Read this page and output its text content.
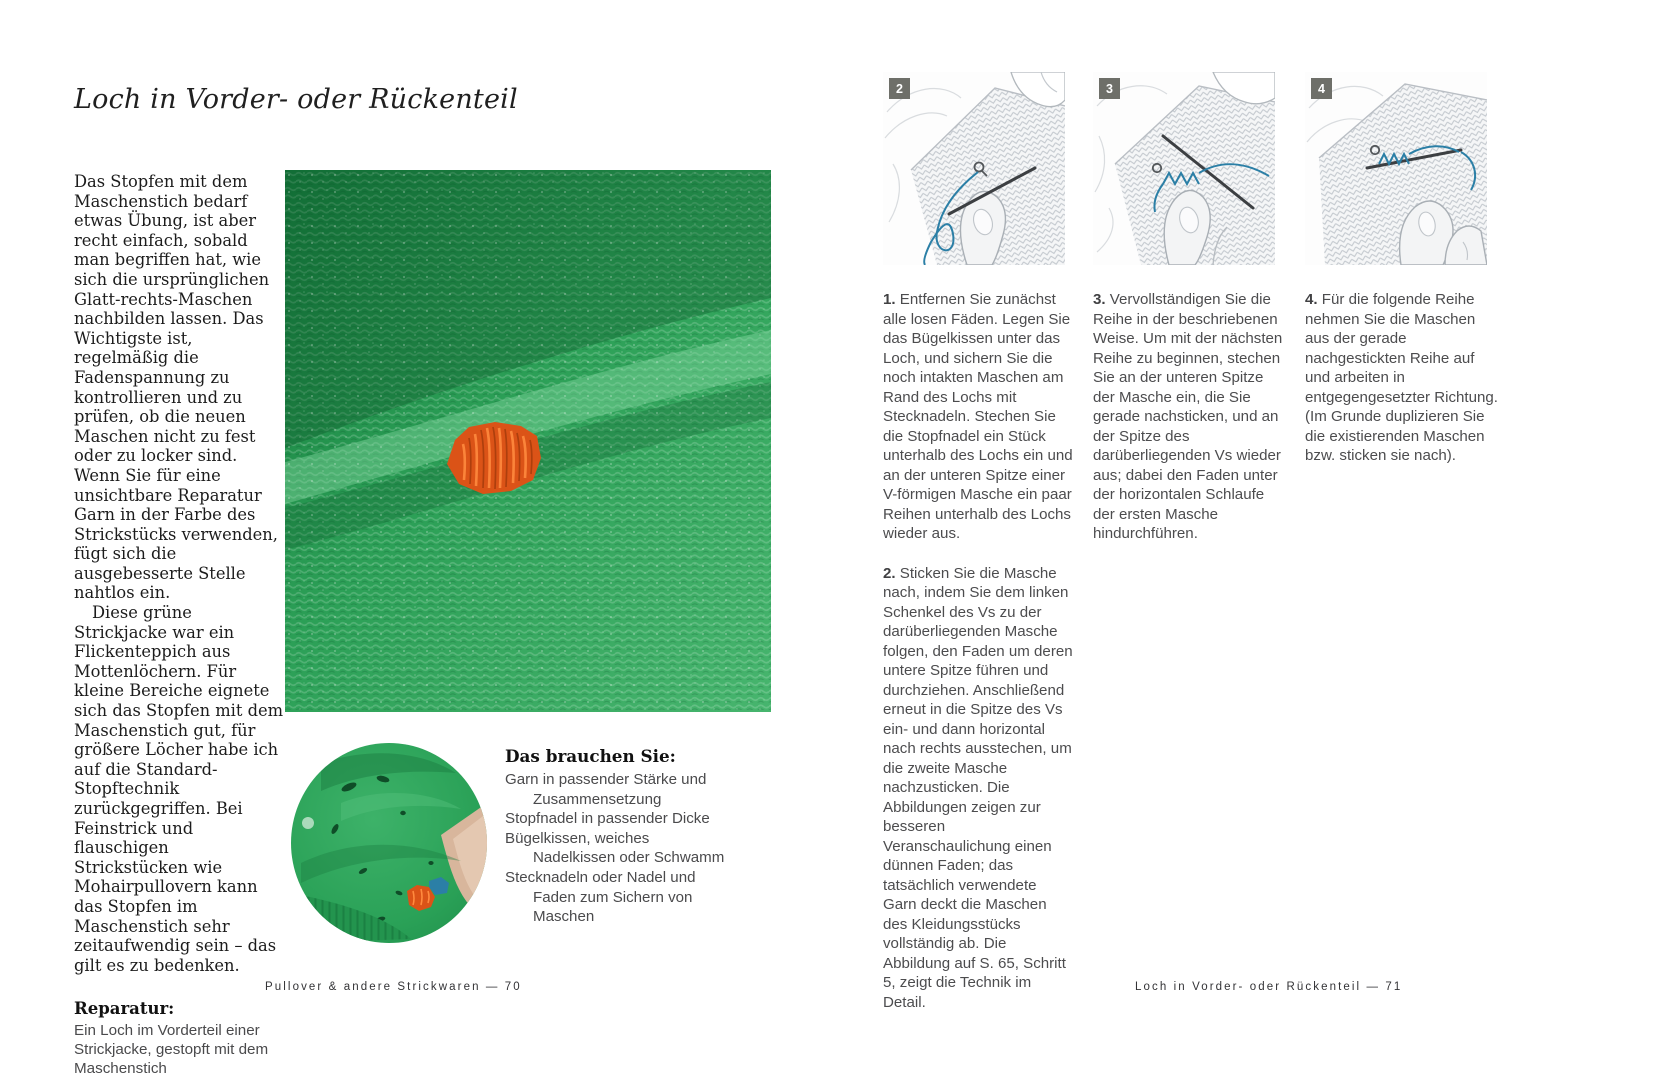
Loch in Vorder- oder Rückenteil

Das Stopfen mit dem Maschenstich bedarf etwas Übung, ist aber recht einfach, sobald man begriffen hat, wie sich die ursprünglichen Glatt-rechts-Maschen nachbilden lassen. Das Wichtigste ist, regelmäßig die Fadenspannung zu kontrollieren und zu prüfen, ob die neuen Maschen nicht zu fest oder zu locker sind. Wenn Sie für eine unsichtbare Reparatur Garn in der Farbe des Strickstücks verwenden, fügt sich die ausgebesserte Stelle nahtlos ein.

Diese grüne Strickjacke war ein Flickenteppich aus Mottenlöchern. Für kleine Bereiche eignete sich das Stopfen mit dem Maschenstich gut, für größere Löcher habe ich auf die Standard-Stopftechnik zurückgegriffen. Bei Feinstrick und flauschigen Strickstücken wie Mohairpullovern kann das Stopfen im Maschenstich sehr zeitaufwendig sein – das gilt es zu bedenken.

Reparatur:

Ein Loch im Vorderteil einer Strickjacke, gestopft mit dem Maschenstich

Das brauchen Sie:
Garn in passender Stärke und Zusammensetzung
Stopfnadel in passender Dicke
Bügelkissen, weiches Nadelkissen oder Schwamm
Stecknadeln oder Nadel und Faden zum Sichern von Maschen
Pullover & andere Strickwaren — 70
2	3	4

1. Entfernen Sie zunächst alle losen Fäden. Legen Sie das Bügelkissen unter das Loch, und sichern Sie die noch intakten Maschen am Rand des Lochs mit Stecknadeln. Stechen Sie die Stopfnadel ein Stück unterhalb des Lochs ein und an der unteren Spitze einer V-förmigen Masche ein paar Reihen unterhalb des Lochs wieder aus.

2. Sticken Sie die Masche nach, indem Sie dem linken Schenkel des Vs zu der darüberliegenden Masche folgen, den Faden um deren untere Spitze führen und durchziehen. Anschließend erneut in die Spitze des Vs ein- und dann horizontal nach rechts ausstechen, um die zweite Masche nachzusticken. Die Abbildungen zeigen zur besseren Veranschaulichung einen dünnen Faden; das tatsächlich verwendete Garn deckt die Maschen des Kleidungsstücks vollständig ab. Die Abbildung auf S. 65, Schritt 5, zeigt die Technik im Detail.

3. Vervollständigen Sie die Reihe in der beschriebenen Weise. Um mit der nächsten Reihe zu beginnen, stechen Sie an der unteren Spitze der Masche ein, die Sie gerade nachsticken, und an der Spitze des darüberliegenden Vs wieder aus; dabei den Faden unter der horizontalen Schlaufe der ersten Masche hindurchführen.

4. Für die folgende Reihe nehmen Sie die Maschen aus der gerade nachgestickten Reihe auf und arbeiten in entgegengesetzter Richtung. (Im Grunde duplizieren Sie die existierenden Maschen bzw. sticken sie nach).

Loch in Vorder- oder Rückenteil — 71
